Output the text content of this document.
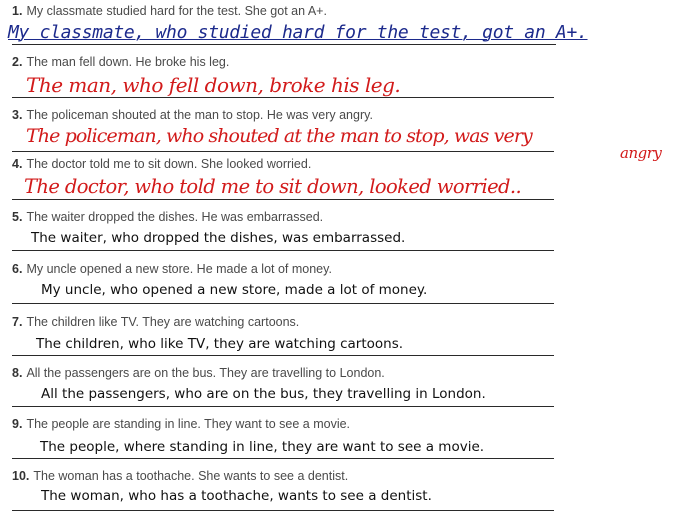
1. My classmate studied hard for the test. She got an A+.
My classmate, who studied hard for the test, got an A+.
2. The man fell down. He broke his leg.
The man, who fell down, broke his leg.
3. The policeman shouted at the man to stop. He was very angry.
The policeman, who shouted at the man to stop, was very
angry
4. The doctor told me to sit down. She looked worried.
The doctor, who told me to sit down, looked worried..
5. The waiter dropped the dishes. He was embarrassed.
The waiter, who dropped the dishes, was embarrassed.
6. My uncle opened a new store. He made a lot of money.
My uncle, who opened a new store, made a lot of money.
7. The children like TV. They are watching cartoons.
The children, who like TV, they are watching cartoons.
8. All the passengers are on the bus. They are travelling to London.
All the passengers, who are on the bus, they travelling in London.
9. The people are standing in line. They want to see a movie.
The people, where standing in line, they are want to see a movie.
10. The woman has a toothache. She wants to see a dentist.
The woman, who has a toothache, wants to see a dentist.
